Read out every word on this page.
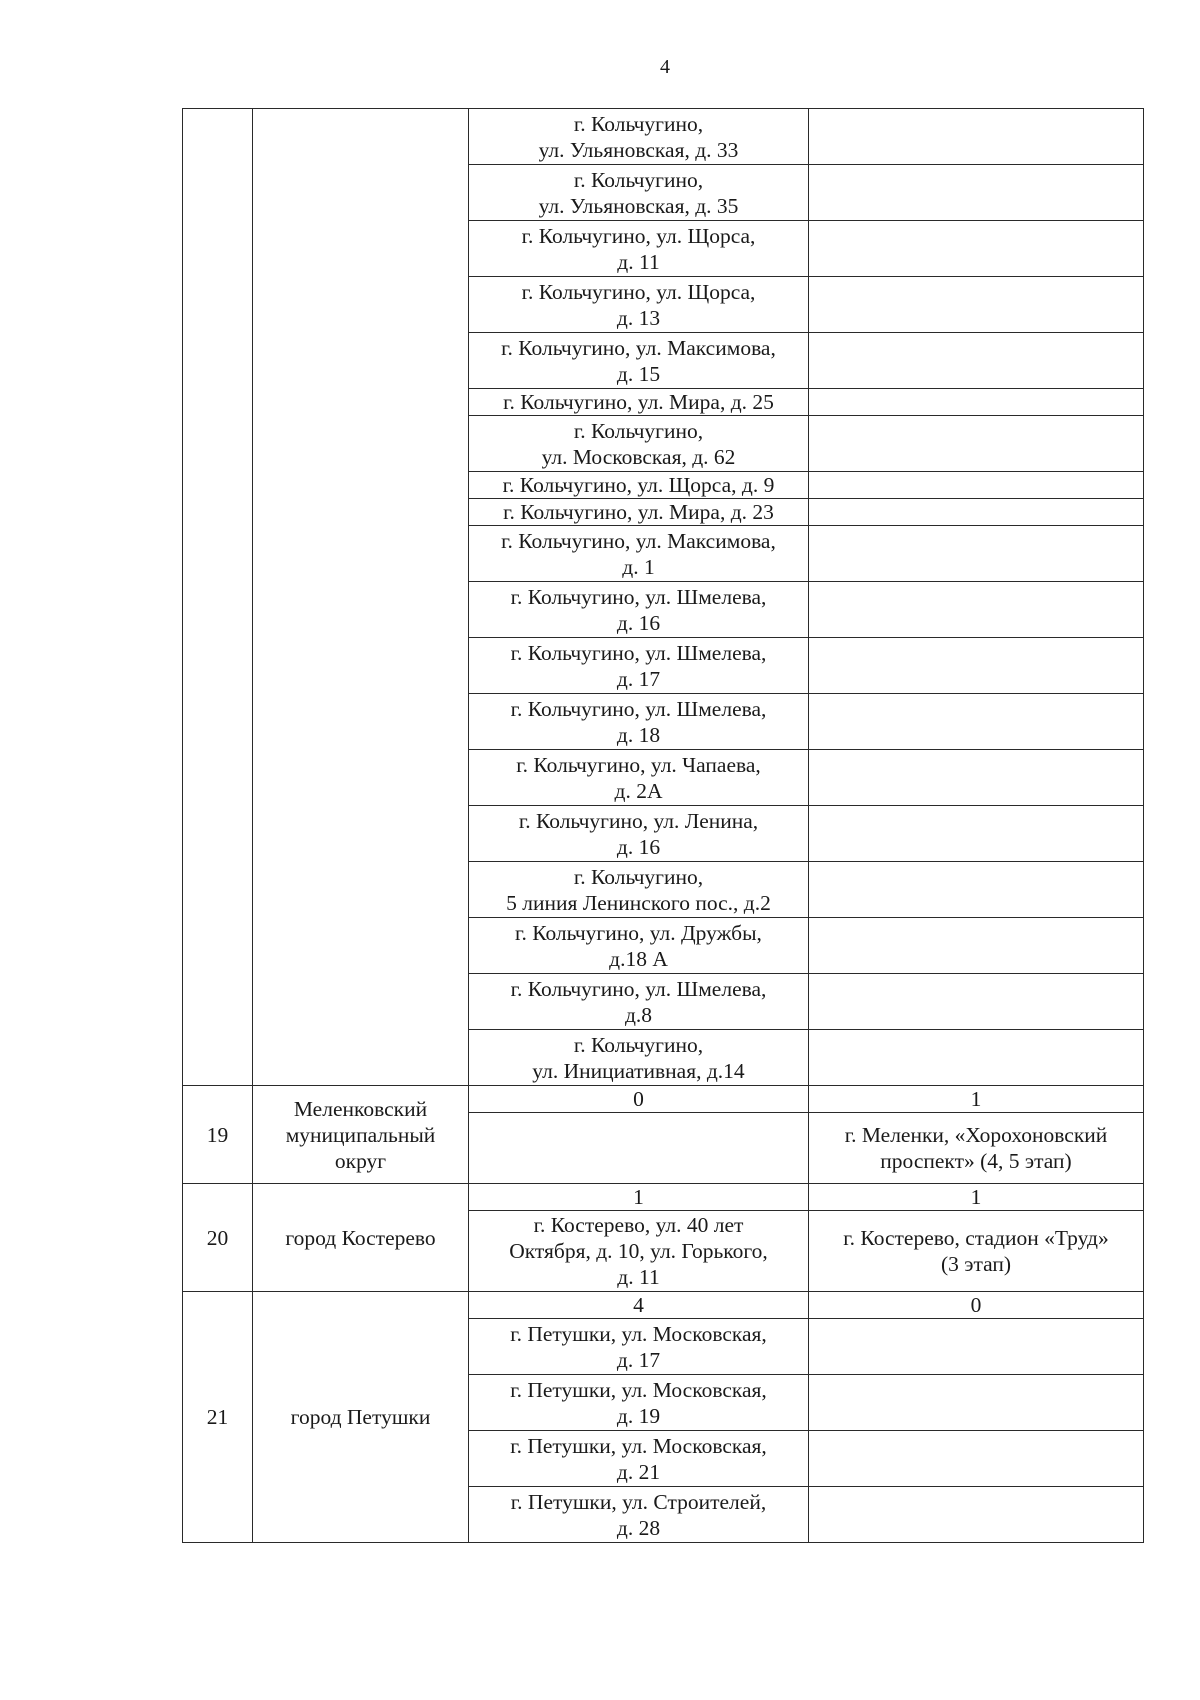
4
		г. Кольчугино,
ул. Ульяновская, д. 33	
		г. Кольчугино,
ул. Ульяновская, д. 35	
		г. Кольчугино, ул. Щорса,
д. 11	
		г. Кольчугино, ул. Щорса,
д. 13	
		г. Кольчугино, ул. Максимова,
д. 15	
		г. Кольчугино, ул. Мира, д. 25	
		г. Кольчугино,
ул. Московская, д. 62	
		г. Кольчугино, ул. Щорса, д. 9	
		г. Кольчугино, ул. Мира, д. 23	
		г. Кольчугино, ул. Максимова,
д. 1	
		г. Кольчугино, ул. Шмелева,
д. 16	
		г. Кольчугино, ул. Шмелева,
д. 17	
		г. Кольчугино, ул. Шмелева,
д. 18	
		г. Кольчугино, ул. Чапаева,
д. 2А	
		г. Кольчугино, ул. Ленина,
д. 16	
		г. Кольчугино,
5 линия Ленинского пос., д.2	
		г. Кольчугино, ул. Дружбы,
д.18 А	
		г. Кольчугино, ул. Шмелева,
д.8	
		г. Кольчугино,
ул. Инициативная, д.14	
19	Меленковский
муниципальный
округ	0	1
			г. Меленки, «Хорохоновский
проспект» (4, 5 этап)
20	город Костерево	1	1
		г. Костерево, ул. 40 лет
Октября, д. 10, ул. Горького,
д. 11	г. Костерево, стадион «Труд»
(3 этап)
21	город Петушки	4	0
		г. Петушки, ул. Московская,
д. 17	
		г. Петушки, ул. Московская,
д. 19	
		г. Петушки, ул. Московская,
д. 21	
		г. Петушки, ул. Строителей,
д. 28	
